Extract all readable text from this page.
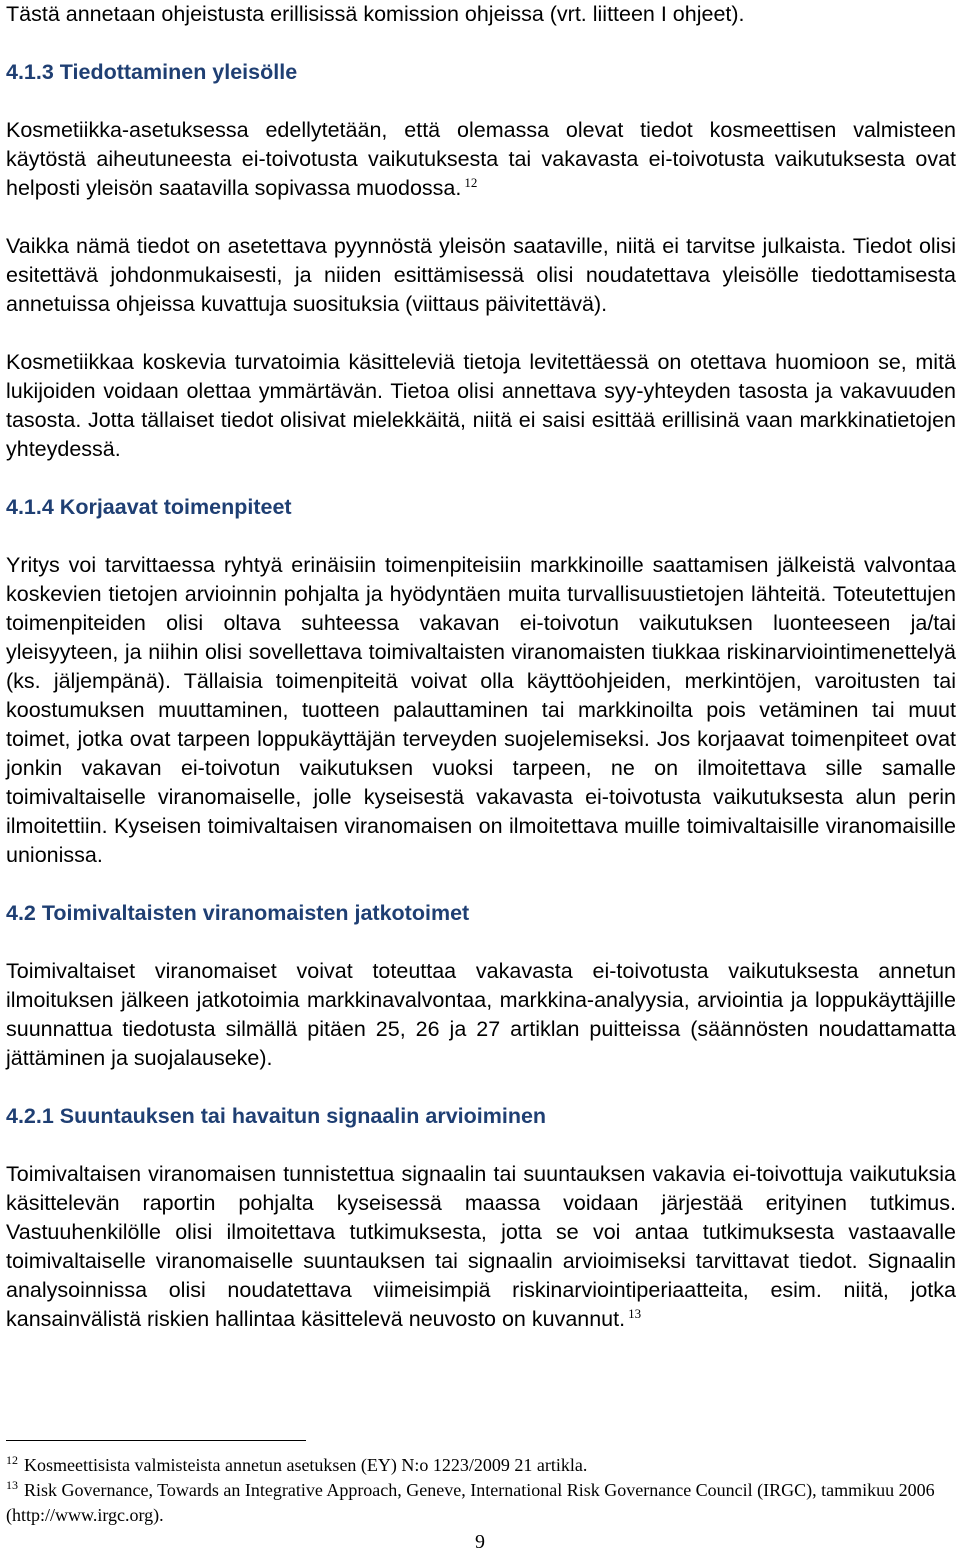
Tästä annetaan ohjeistusta erillisissä komission ohjeissa (vrt. liitteen I ohjeet).

4.1.3 Tiedottaminen yleisölle

Kosmetiikka-asetuksessa edellytetään, että olemassa olevat tiedot kosmeettisen valmisteen käytöstä aiheutuneesta ei-toivotusta vaikutuksesta tai vakavasta ei-toivotusta vaikutuksesta ovat helposti yleisön saatavilla sopivassa muodossa. $^{12}$

Vaikka nämä tiedot on asetettava pyynnöstä yleisön saataville, niitä ei tarvitse julkaista. Tiedot olisi esitettävä johdonmukaisesti, ja niiden esittämisessä olisi noudatettava yleisölle tiedottamisesta annetuissa ohjeissa kuvattuja suosituksia (viittaus päivitettävä).

Kosmetiikkaa koskevia turvatoimia käsitteleviä tietoja levitettäessä on otettava huomioon se, mitä lukijoiden voidaan olettaa ymmärtävän. Tietoa olisi annettava syy-yhteyden tasosta ja vakavuuden tasosta. Jotta tällaiset tiedot olisivat mielekkäitä, niitä ei saisi esittää erillisinä vaan markkinatietojen yhteydessä.

4.1.4 Korjaavat toimenpiteet

Yritys voi tarvittaessa ryhtyä erinäisiin toimenpiteisiin markkinoille saattamisen jälkeistä valvontaa koskevien tietojen arvioinnin pohjalta ja hyödyntäen muita turvallisuustietojen lähteitä. Toteutettujen toimenpiteiden olisi oltava suhteessa vakavan ei-toivotun vaikutuksen luonteeseen ja/tai yleisyyteen, ja niihin olisi sovellettava toimivaltaisten viranomaisten tiukkaa riskinarviointimenettelyä (ks. jäljempänä). Tällaisia toimenpiteitä voivat olla käyttöohjeiden, merkintöjen, varoitusten tai koostumuksen muuttaminen, tuotteen palauttaminen tai markkinoilta pois vetäminen tai muut toimet, jotka ovat tarpeen loppukäyttäjän terveyden suojelemiseksi. Jos korjaavat toimenpiteet ovat jonkin vakavan ei-toivotun vaikutuksen vuoksi tarpeen, ne on ilmoitettava sille samalle toimivaltaiselle viranomaiselle, jolle kyseisestä vakavasta ei-toivotusta vaikutuksesta alun perin ilmoitettiin. Kyseisen toimivaltaisen viranomaisen on ilmoitettava muille toimivaltaisille viranomaisille unionissa.

4.2 Toimivaltaisten viranomaisten jatkotoimet

Toimivaltaiset viranomaiset voivat toteuttaa vakavasta ei-toivotusta vaikutuksesta annetun ilmoituksen jälkeen jatkotoimia markkinavalvontaa, markkina-analyysia, arviointia ja loppukäyttäjille suunnattua tiedotusta silmällä pitäen 25, 26 ja 27 artiklan puitteissa (säännösten noudattamatta jättäminen ja suojalauseke).

4.2.1 Suuntauksen tai havaitun signaalin arvioiminen

Toimivaltaisen viranomaisen tunnistettua signaalin tai suuntauksen vakavia ei-toivottuja vaikutuksia käsittelevän raportin pohjalta kyseisessä maassa voidaan järjestää erityinen tutkimus. Vastuuhenkilölle olisi ilmoitettava tutkimuksesta, jotta se voi antaa tutkimuksesta vastaavalle toimivaltaiselle viranomaiselle suuntauksen tai signaalin arvioimiseksi tarvittavat tiedot. Signaalin analysoinnissa olisi noudatettava viimeisimpiä riskinarviointiperiaatteita, esim. niitä, jotka kansainvälistä riskien hallintaa käsittelevä neuvosto on kuvannut. $^{13}$

$^{12}$ Kosmeettisista valmisteista annetun asetuksen (EY) N:o 1223/2009 21 artikla.

$^{13}$ Risk Governance, Towards an Integrative Approach, Geneve, International Risk Governance Council (IRGC), tammikuu 2006 (http://www.irgc.org).

9
